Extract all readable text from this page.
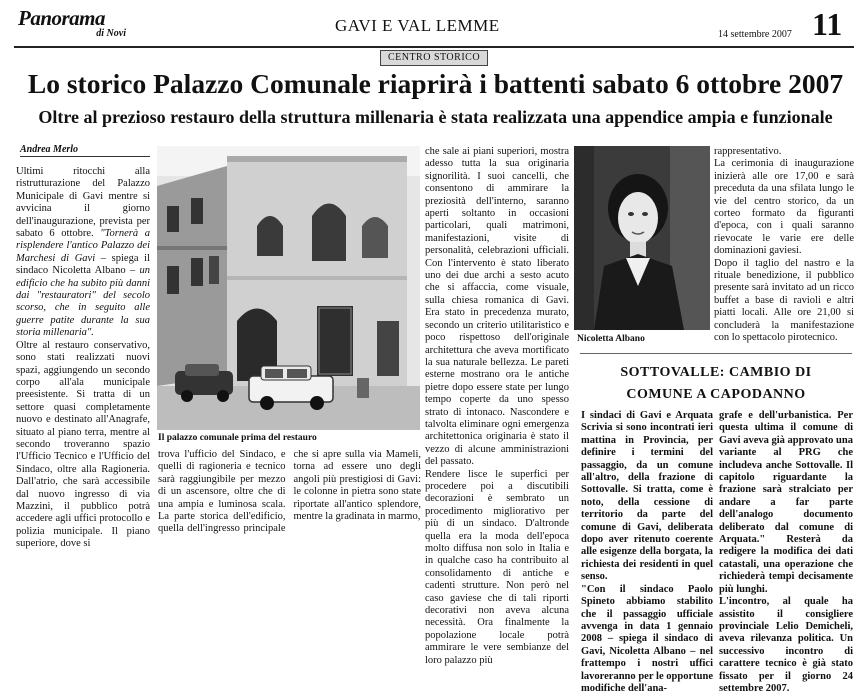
Panorama
di Novi	GAVI E VAL LEMME	14 settembre 2007 11
CENTRO STORICO
Lo storico Palazzo Comunale riaprirà i battenti sabato 6 ottobre 2007
Oltre al prezioso restauro della struttura millenaria è stata realizzata una appendice ampia e funzionale
Andrea Merlo

Ultimi ritocchi alla ristrutturazione del Palazzo Municipale di Gavi mentre si avvicina il giorno dell'inaugurazione, prevista per sabato 6 ottobre. "Tornerà a risplendere l'antico Palazzo dei Marchesi di Gavi – spiega il sindaco Nicoletta Albano – un edificio che ha subito più danni dai "restauratori" del secolo scorso, che in seguito alle guerre patite durante la sua storia millenaria".

Oltre al restauro conservativo, sono stati realizzati nuovi spazi, aggiungendo un secondo corpo all'ala municipale preesistente. Si tratta di un settore quasi completamente nuovo e destinato all'Anagrafe, situato al piano terra, mentre al secondo troveranno spazio l'Ufficio Tecnico e l'Ufficio del Sindaco, oltre alla Ragioneria. Dall'atrio, che sarà accessibile dal nuovo ingresso di via Mazzini, il pubblico potrà accedere agli uffici protocollo e polizia municipale. Il piano superiore, dove si

Il palazzo comunale prima del restauro

trova l'ufficio del Sindaco, e quelli di ragioneria e tecnico sarà raggiungibile per mezzo di un ascensore, oltre che di una ampia e luminosa scala. La parte storica dell'edificio, quella dell'ingresso principale che si apre sulla via Mameli, torna ad essere uno degli angoli più prestigiosi di Gavi: le colonne in pietra sono state riportate all'antico splendore, mentre la gradinata in marmo,

che sale ai piani superiori, mostra adesso tutta la sua originaria signorilità. I suoi cancelli, che consentono di ammirare la preziosità dell'interno, saranno aperti soltanto in occasioni particolari, quali matrimoni, manifestazioni, visite di personalità, celebrazioni ufficiali. Con l'intervento è stato liberato uno dei due archi a sesto acuto che si affaccia, come visuale, sulla chiesa romanica di Gavi. Era stato in precedenza murato, secondo un criterio utilitaristico e poco rispettoso dell'originale architettura che aveva mortificato la sua naturale bellezza. Le pareti esterne mostrano ora le antiche pietre dopo essere state per lungo tempo coperte da uno spesso strato di intonaco. Nascondere e talvolta eliminare ogni emergenza architettonica originaria è stato il vezzo di alcune amministrazioni del passato.

Rendere lisce le superfici per procedere poi a discutibili decorazioni è sembrato un procedimento migliorativo per più di un sindaco. D'altronde quella era la moda dell'epoca molto diffusa non solo in Italia e in qualche caso ha contribuito al consolidamento di antiche e cadenti strutture. Non però nel caso gaviese che di tali riporti decorativi non aveva alcuna necessità. Ora finalmente la popolazione locale potrà ammirare le vere sembianze del loro palazzo più

Nicoletta Albano

rappresentativo.

La cerimonia di inaugurazione inizierà alle ore 17,00 e sarà preceduta da una sfilata lungo le vie del centro storico, da un corteo formato da figuranti d'epoca, con i quali saranno rievocate le varie ere delle dominazioni gaviesi.

Dopo il taglio del nastro e la rituale benedizione, il pubblico presente sarà invitato ad un ricco buffet a base di ravioli e altri piatti locali. Alle ore 21,00 si concluderà la manifestazione con lo spettacolo pirotecnico.

SOTTOVALLE: CAMBIO DI
COMUNE A CAPODANNO

I sindaci di Gavi e Arquata Scrivia si sono incontrati ieri mattina in Provincia, per definire i termini del passaggio, da un comune all'altro, della frazione di Sottovalle. Si tratta, come è noto, della cessione di territorio da parte del comune di Gavi, deliberata dopo aver ritenuto coerente alle esigenze della borgata, la richiesta dei residenti in quel senso.

"Con il sindaco Paolo Spineto abbiamo stabilito che il passaggio ufficiale avvenga in data 1 gennaio 2008 – spiega il sindaco di Gavi, Nicoletta Albano – nel frattempo i nostri uffici lavoreranno per le opportune modifiche dell'ana-

grafe e dell'urbanistica. Per questa ultima il comune di Gavi aveva già approvato una variante al PRG che includeva anche Sottovalle. Il capitolo riguardante la frazione sarà stralciato per andare a far parte dell'analogo documento deliberato dal comune di Arquata." Resterà da redigere la modifica dei dati catastali, una operazione che richiederà tempi decisamente più lunghi.

L'incontro, al quale ha assistito il consigliere provinciale Lelio Demicheli, aveva rilevanza politica. Un successivo incontro di carattere tecnico è già stato fissato per il giorno 24 settembre 2007.
